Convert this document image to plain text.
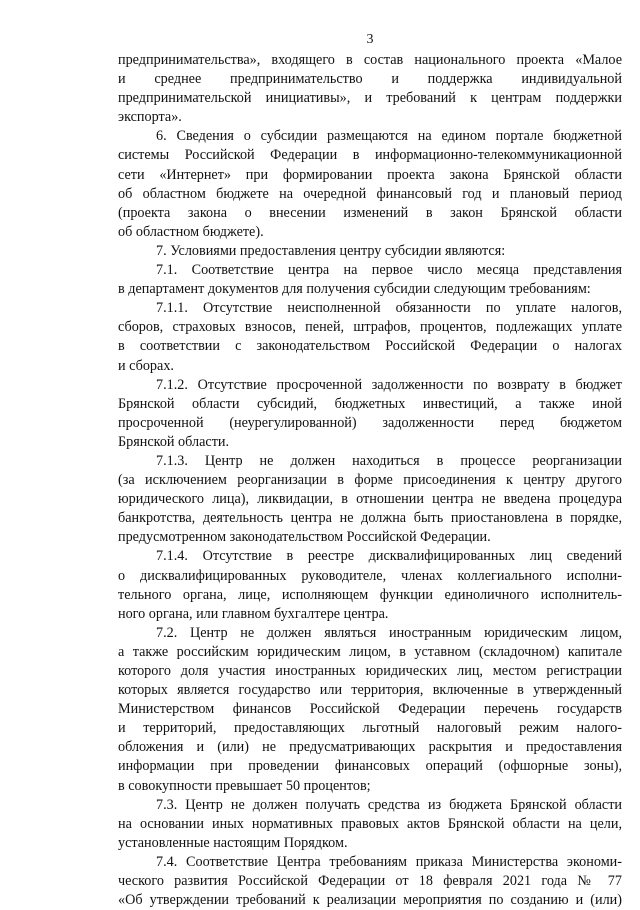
3
предпринимательства», входящего в состав национального проекта «Малое
и среднее предпринимательство и поддержка индивидуальной
предпринимательской инициативы», и требований к центрам поддержки
экспорта».
6. Сведения о субсидии размещаются на едином портале бюджетной
системы Российской Федерации в информационно-телекоммуникационной
сети «Интернет» при формировании проекта закона Брянской области
об областном бюджете на очередной финансовый год и плановый период
(проекта закона о внесении изменений в закон Брянской области
об областном бюджете).
7. Условиями предоставления центру субсидии являются:
7.1. Соответствие центра на первое число месяца представления
в департамент документов для получения субсидии следующим требованиям:
7.1.1. Отсутствие неисполненной обязанности по уплате налогов,
сборов, страховых взносов, пеней, штрафов, процентов, подлежащих уплате
в соответствии с законодательством Российской Федерации о налогах
и сборах.
7.1.2. Отсутствие просроченной задолженности по возврату в бюджет
Брянской области субсидий, бюджетных инвестиций, а также иной
просроченной (неурегулированной) задолженности перед бюджетом
Брянской области.
7.1.3. Центр не должен находиться в процессе реорганизации
(за исключением реорганизации в форме присоединения к центру другого
юридического лица), ликвидации, в отношении центра не введена процедура
банкротства, деятельность центра не должна быть приостановлена в порядке,
предусмотренном законодательством Российской Федерации.
7.1.4. Отсутствие в реестре дисквалифицированных лиц сведений
о дисквалифицированных руководителе, членах коллегиального исполни-
тельного органа, лице, исполняющем функции единоличного исполнитель-
ного органа, или главном бухгалтере центра.
7.2. Центр не должен являться иностранным юридическим лицом,
а также российским юридическим лицом, в уставном (складочном) капитале
которого доля участия иностранных юридических лиц, местом регистрации
которых является государство или территория, включенные в утвержденный
Министерством финансов Российской Федерации перечень государств
и территорий, предоставляющих льготный налоговый режим налого-
обложения и (или) не предусматривающих раскрытия и предоставления
информации при проведении финансовых операций (офшорные зоны),
в совокупности превышает 50 процентов;
7.3. Центр не должен получать средства из бюджета Брянской области
на основании иных нормативных правовых актов Брянской области на цели,
установленные настоящим Порядком.
7.4. Соответствие Центра требованиям приказа Министерства экономи-
ческого развития Российской Федерации от 18 февраля 2021 года № 77
«Об утверждении требований к реализации мероприятия по созданию и (или)
